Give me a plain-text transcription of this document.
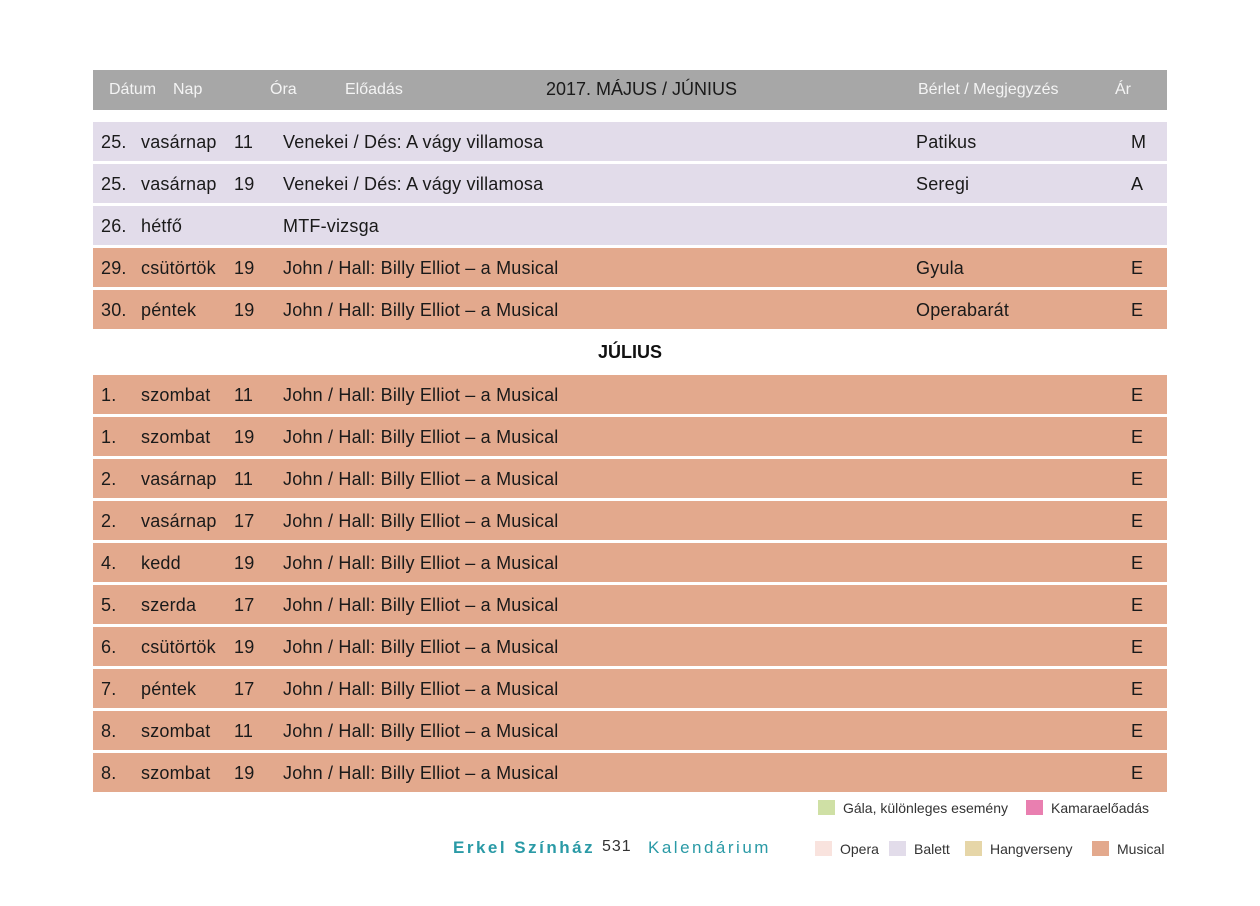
Dátum Nap	Óra	Előadás	2017. MÁJUS / JÚNIUS	Bérlet / Megjegyzés	Ár
25. vasárnap 11 Venekei / Dés: A vágy villamosa	Patikus	M
25. vasárnap 19 Venekei / Dés: A vágy villamosa	Seregi	A
26. hétfő	MTF-vizsga
29. csütörtök 19 John / Hall: Billy Elliot – a Musical	Gyula	E
30. péntek 19 John / Hall: Billy Elliot – a Musical	Operabarát	E
JÚLIUS
1. szombat 11 John / Hall: Billy Elliot – a Musical	E
1. szombat 19 John / Hall: Billy Elliot – a Musical	E
2. vasárnap 11 John / Hall: Billy Elliot – a Musical	E
2. vasárnap 17 John / Hall: Billy Elliot – a Musical	E
4. kedd	19 John / Hall: Billy Elliot – a Musical	E
5. szerda 17 John / Hall: Billy Elliot – a Musical	E
6. csütörtök 19 John / Hall: Billy Elliot – a Musical	E
7. péntek 17 John / Hall: Billy Elliot – a Musical	E
8. szombat 11 John / Hall: Billy Elliot – a Musical	E
8. szombat 19 John / Hall: Billy Elliot – a Musical	E
Gála, különleges esemény	Kamaraelőadás
Opera	Balett	Hangverseny	Musical
Erkel Színház 531 Kalendárium
